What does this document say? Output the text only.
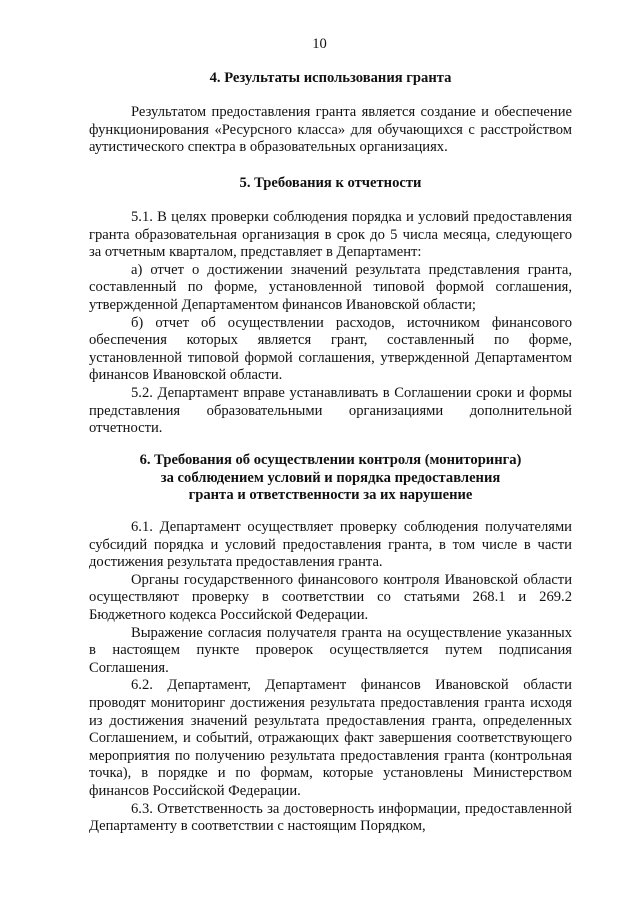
10
4. Результаты использования гранта

Результатом предоставления гранта является создание и обеспечение функционирования «Ресурсного класса» для обучающихся с расстройством аутистического спектра в образовательных организациях.

5. Требования к отчетности

5.1. В целях проверки соблюдения порядка и условий предоставления гранта образовательная организация в срок до 5 числа месяца, следующего за отчетным кварталом, представляет в Департамент:

а) отчет о достижении значений результата представления гранта, составленный по форме, установленной типовой формой соглашения, утвержденной Департаментом финансов Ивановской области;

б) отчет об осуществлении расходов, источником финансового обеспечения которых является грант, составленный по форме, установленной типовой формой соглашения, утвержденной Департаментом финансов Ивановской области.

5.2. Департамент вправе устанавливать в Соглашении сроки и формы представления образовательными организациями дополнительной отчетности.

6. Требования об осуществлении контроля (мониторинга)
за соблюдением условий и порядка предоставления
гранта и ответственности за их нарушение

6.1. Департамент осуществляет проверку соблюдения получателями субсидий порядка и условий предоставления гранта, в том числе в части достижения результата предоставления гранта.

Органы государственного финансового контроля Ивановской области осуществляют проверку в соответствии со статьями 268.1 и 269.2 Бюджетного кодекса Российской Федерации.

Выражение согласия получателя гранта на осуществление указанных в настоящем пункте проверок осуществляется путем подписания Соглашения.

6.2. Департамент, Департамент финансов Ивановской области проводят мониторинг достижения результата предоставления гранта исходя из достижения значений результата предоставления гранта, определенных Соглашением, и событий, отражающих факт завершения соответствующего мероприятия по получению результата предоставления гранта (контрольная точка), в порядке и по формам, которые установлены Министерством финансов Российской Федерации.

6.3. Ответственность за достоверность информации, предоставленной Департаменту в соответствии с настоящим Порядком,
